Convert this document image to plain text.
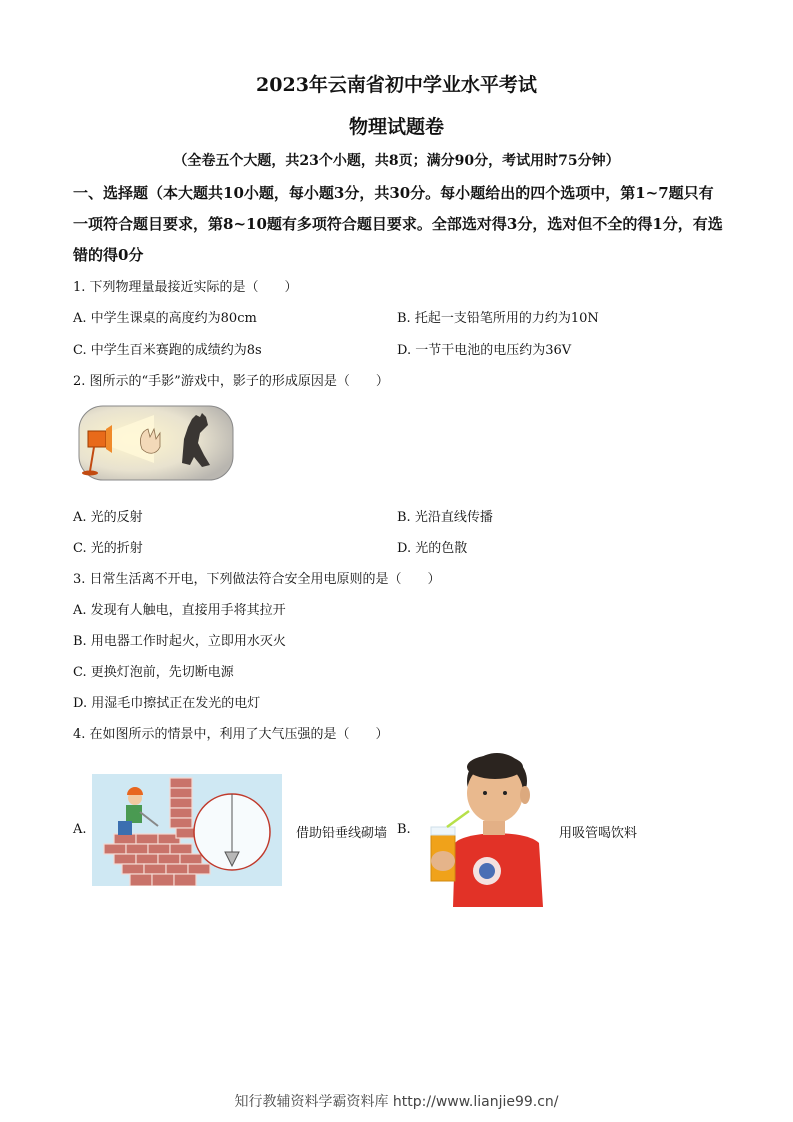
2023年云南省初中学业水平考试
物理试题卷
（全卷五个大题，共23个小题，共8页；满分90分，考试用时75分钟）
一、选择题（本大题共10小题，每小题3分，共30分。每小题给出的四个选项中，第1~7题只有一项符合题目要求，第8~10题有多项符合题目要求。全部选对得3分，选对但不全的得1分，有选错的得0分
1. 下列物理量最接近实际的是（　　）
A. 中学生课桌的高度约为80cm	B. 托起一支铅笔所用的力约为10N
C. 中学生百米赛跑的成绩约为8s	D. 一节干电池的电压约为36V
2. 图所示的“手影”游戏中，影子的形成原因是（　　）
A. 光的反射	B. 光沿直线传播
C. 光的折射	D. 光的色散
3. 日常生活离不开电，下列做法符合安全用电原则的是（　　）
A. 发现有人触电，直接用手将其拉开
B. 用电器工作时起火，立即用水灭火
C. 更换灯泡前，先切断电源
D. 用湿毛巾擦拭正在发光的电灯
4. 在如图所示的情景中，利用了大气压强的是（　　）
A.	借助铅垂线砌墙 B.	用吸管喝饮料
知行教辅资料学霸资料库 http://www.lianjie99.cn/
